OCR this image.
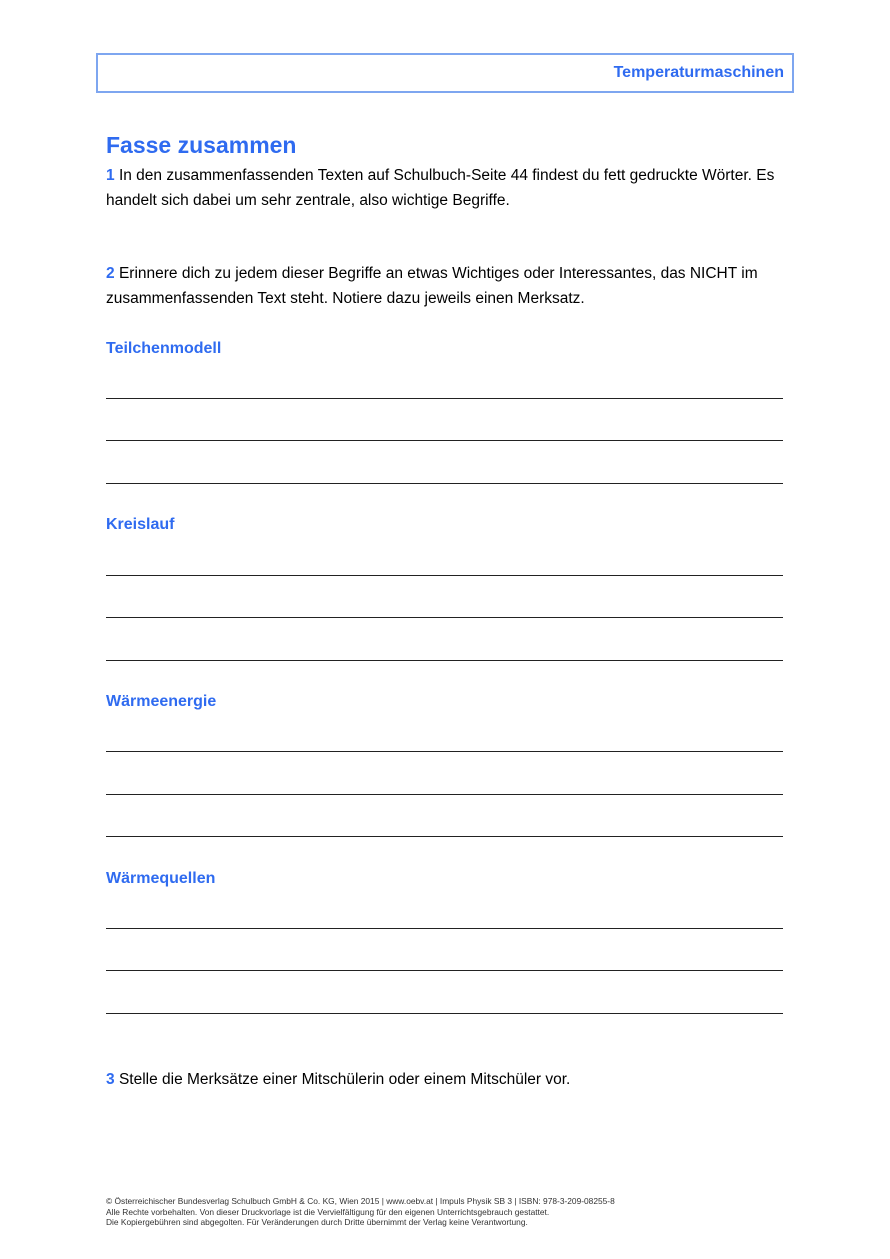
Temperaturmaschinen
Fasse zusammen
1 In den zusammenfassenden Texten auf Schulbuch-Seite 44 findest du fett gedruckte Wörter. Es handelt sich dabei um sehr zentrale, also wichtige Begriffe.
2 Erinnere dich zu jedem dieser Begriffe an etwas Wichtiges oder Interessantes, das NICHT im zusammenfassenden Text steht. Notiere dazu jeweils einen Merksatz.
Teilchenmodell
Kreislauf
Wärmeenergie
Wärmequellen
3 Stelle die Merksätze einer Mitschülerin oder einem Mitschüler vor.
© Österreichischer Bundesverlag Schulbuch GmbH & Co. KG, Wien 2015 | www.oebv.at | Impuls Physik SB 3 | ISBN: 978-3-209-08255-8
Alle Rechte vorbehalten. Von dieser Druckvorlage ist die Vervielfältigung für den eigenen Unterrichtsgebrauch gestattet.
Die Kopiergebühren sind abgegolten. Für Veränderungen durch Dritte übernimmt der Verlag keine Verantwortung.
